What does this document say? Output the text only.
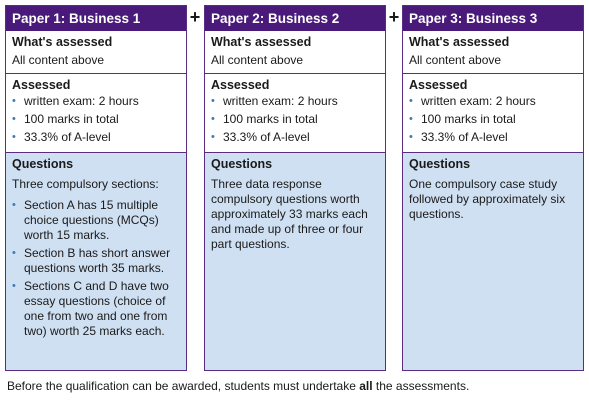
Paper 1: Business 1
What's assessed
All content above
Assessed
• written exam: 2 hours
• 100 marks in total
• 33.3% of A-level
Questions
Three compulsory sections:
• Section A has 15 multiple choice questions (MCQs) worth 15 marks.
• Section B has short answer questions worth 35 marks.
• Sections C and D have two essay questions (choice of one from two and one from two) worth 25 marks each.
+ Paper 2: Business 2
What's assessed
All content above
Assessed
• written exam: 2 hours
• 100 marks in total
• 33.3% of A-level
Questions
Three data response compulsory questions worth approximately 33 marks each and made up of three or four part questions.
+ Paper 3: Business 3
What's assessed
All content above
Assessed
• written exam: 2 hours
• 100 marks in total
• 33.3% of A-level
Questions
One compulsory case study followed by approximately six questions.
Before the qualification can be awarded, students must undertake all the assessments.
